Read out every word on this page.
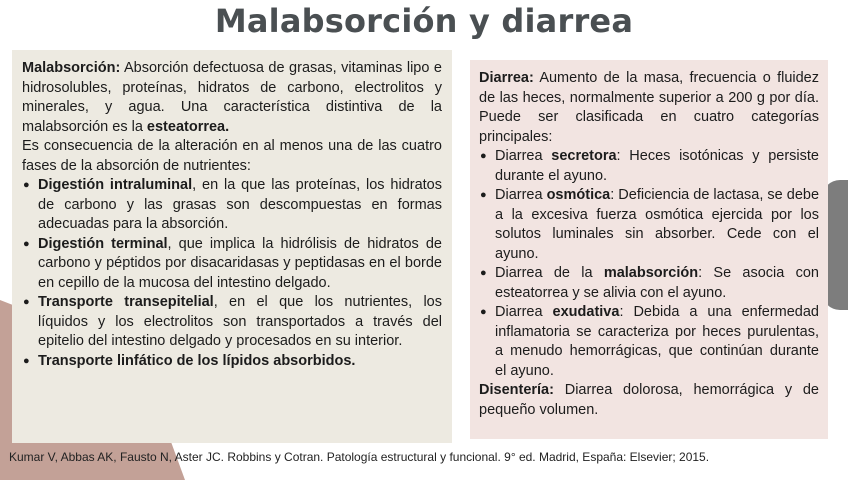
Malabsorción y diarrea

Malabsorción: Absorción defectuosa de grasas, vitaminas lipo e hidrosolubles, proteínas, hidratos de carbono, electrolitos y minerales, y agua. Una característica distintiva de la malabsorción es la esteatorrea.

Es consecuencia de la alteración en al menos una de las cuatro fases de la absorción de nutrientes:

● Digestión intraluminal, en la que las proteínas, los hidratos de carbono y las grasas son descompuestas en formas adecuadas para la absorción.
● Digestión terminal, que implica la hidrólisis de hidratos de carbono y péptidos por disacaridasas y peptidasas en el borde en cepillo de la mucosa del intestino delgado.
● Transporte transepitelial, en el que los nutrientes, los líquidos y los electrolitos son transportados a través del epitelio del intestino delgado y procesados en su interior.
● Transporte linfático de los lípidos absorbidos.

Diarrea: Aumento de la masa, frecuencia o fluidez de las heces, normalmente superior a 200 g por día. Puede ser clasificada en cuatro categorías principales:

● Diarrea secretora: Heces isotónicas y persiste durante el ayuno.
● Diarrea osmótica: Deficiencia de lactasa, se debe a la excesiva fuerza osmótica ejercida por los solutos luminales sin absorber. Cede con el ayuno.
● Diarrea de la malabsorción: Se asocia con esteatorrea y se alivia con el ayuno.
● Diarrea exudativa: Debida a una enfermedad inflamatoria se caracteriza por heces purulentas, a menudo hemorrágicas, que continúan durante el ayuno.

Disentería: Diarrea dolorosa, hemorrágica y de pequeño volumen.

Kumar V, Abbas AK, Fausto N, Aster JC. Robbins y Cotran. Patología estructural y funcional. 9° ed. Madrid, España: Elsevier; 2015.
